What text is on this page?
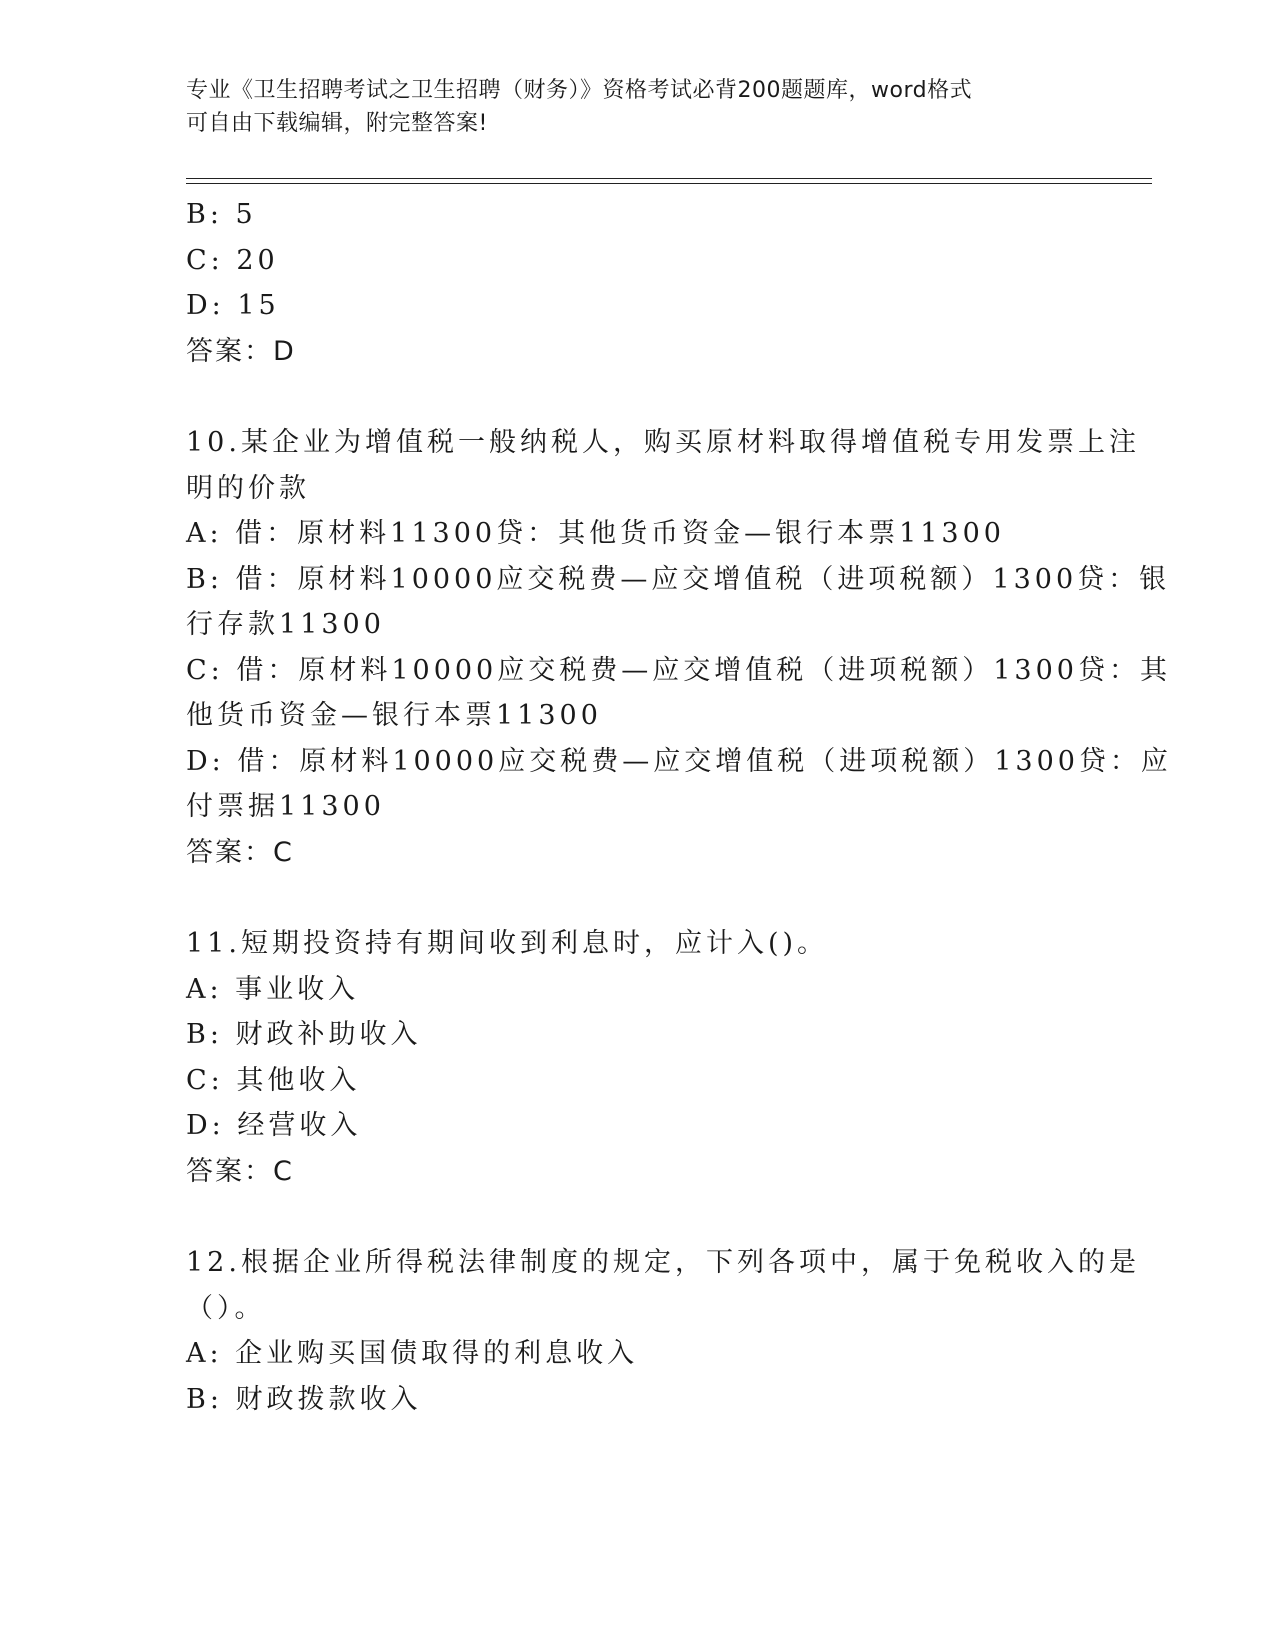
专业《卫生招聘考试之卫生招聘（财务）》资格考试必背200题题库，word格式
可自由下载编辑，附完整答案!
B: 5
C: 20
D: 15
答案：D
10.某企业为增值税一般纳税人，购买原材料取得增值税专用发票上注
明的价款
A: 借：原材料11300贷：其他货币资金—银行本票11300
B: 借：原材料10000应交税费—应交增值税（进项税额）1300贷：银
行存款11300
C: 借：原材料10000应交税费—应交增值税（进项税额）1300贷：其
他货币资金—银行本票11300
D: 借：原材料10000应交税费—应交增值税（进项税额）1300贷：应
付票据11300
答案：C
11.短期投资持有期间收到利息时，应计入()。
A: 事业收入
B: 财政补助收入
C: 其他收入
D: 经营收入
答案：C
12.根据企业所得税法律制度的规定，下列各项中，属于免税收入的是
（）。
A: 企业购买国债取得的利息收入
B: 财政拨款收入
